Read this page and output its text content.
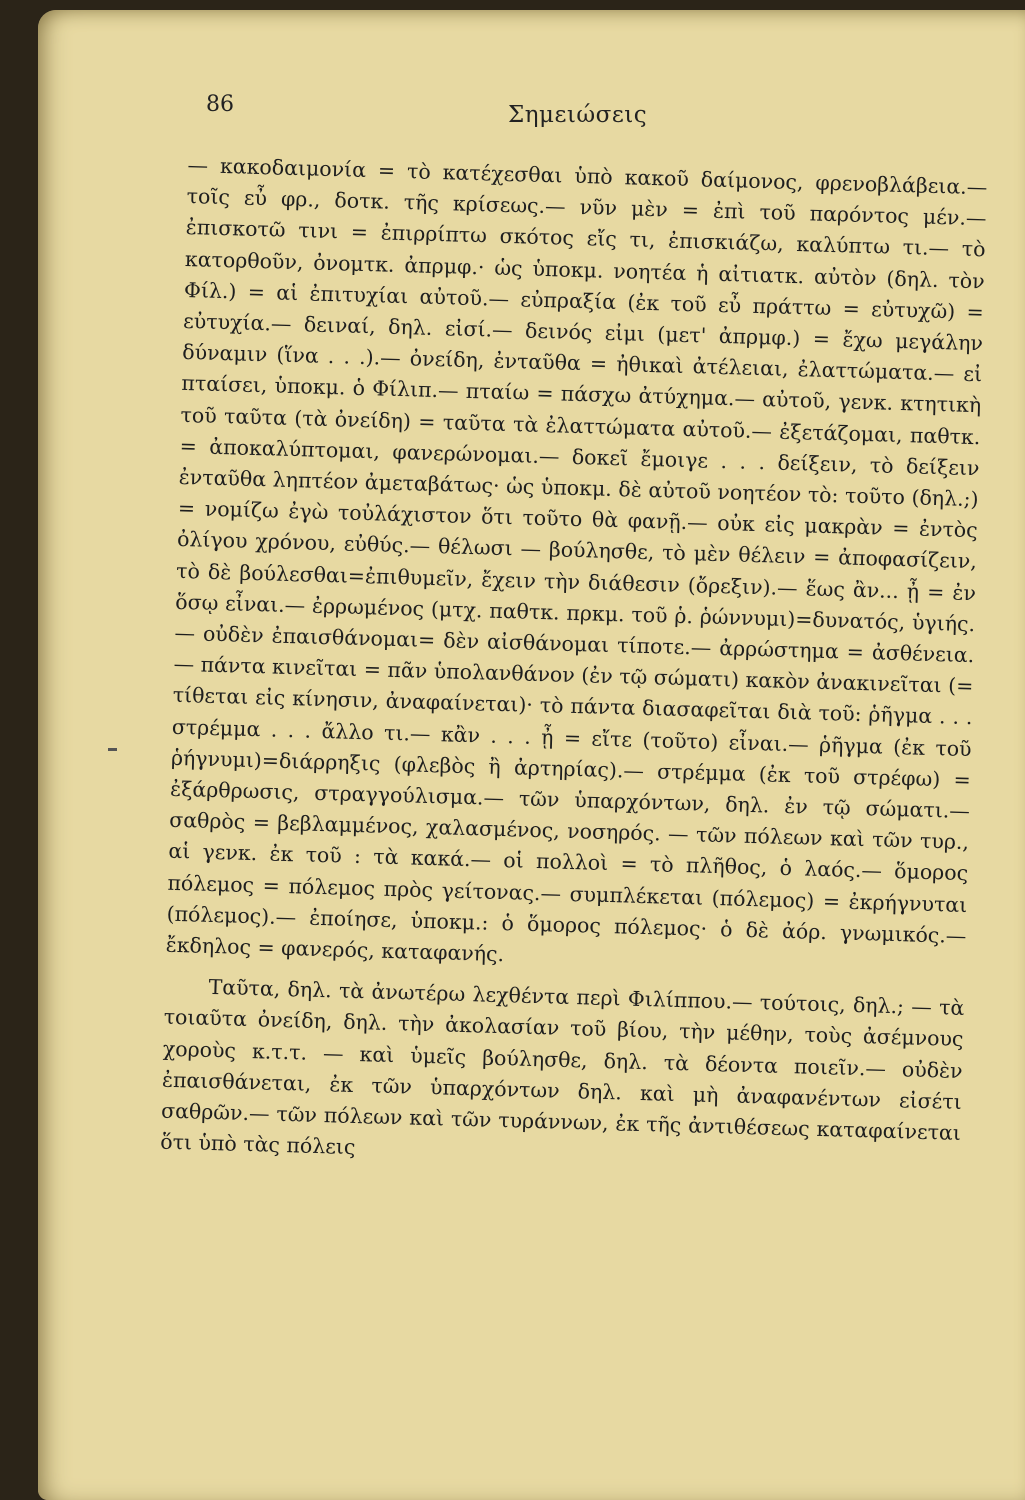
86	Σημειώσεις

— κακοδαιμονία = τὸ κατέχεσθαι ὑπὸ κακοῦ δαίμονος, φρενοβλάβεια.— τοῖς εὖ φρ., δοτκ. τῆς κρίσεως.— νῦν μὲν = ἐπὶ τοῦ παρόντος μέν.— ἐπισκοτῶ τινι = ἐπιρρίπτω σκότος εἴς τι, ἐπισκιάζω, καλύπτω τι.— τὸ κατορθοῦν, ὀνομτκ. ἀπρμφ.· ὡς ὑποκμ. νοητέα ἡ αἰτιατκ. αὐτὸν (δηλ. τὸν Φίλ.) = αἱ ἐπιτυχίαι αὐτοῦ.— εὐπραξία (ἐκ τοῦ εὖ πράττω = εὐτυχῶ) = εὐτυχία.— δειναί, δηλ. εἰσί.— δεινός εἰμι (μετ' ἀπρμφ.) = ἔχω μεγάλην δύναμιν (ἵνα . . .).— ὀνείδη, ἐνταῦθα = ἠθικαὶ ἀτέλειαι, ἐλαττώματα.— εἰ πταίσει, ὑποκμ. ὁ Φίλιπ.— πταίω = πάσχω ἀτύχημα.— αὐτοῦ, γενκ. κτητικὴ τοῦ ταῦτα (τὰ ὀνείδη) = ταῦτα τὰ ἐλαττώματα αὐτοῦ.— ἐξετάζομαι, παθτκ. = ἀποκαλύπτομαι, φανερώνομαι.— δοκεῖ ἔμοιγε . . . δείξειν, τὸ δείξειν ἐνταῦθα ληπτέον ἀμεταβάτως· ὡς ὑποκμ. δὲ αὐτοῦ νοητέον τὸ: τοῦτο (δηλ.;) = νομίζω ἐγὼ τοὐλάχιστον ὅτι τοῦτο θὰ φανῇ.— οὐκ εἰς μακρὰν = ἐντὸς ὀλίγου χρόνου, εὐθύς.— θέλωσι — βούλησθε, τὸ μὲν θέλειν = ἀποφασίζειν, τὸ δὲ βούλεσθαι=ἐπιθυμεῖν, ἔχειν τὴν διάθεσιν (ὄρεξιν).— ἕως ἂν... ᾖ = ἐν ὅσῳ εἶναι.— ἐρρωμένος (μτχ. παθτκ. πρκμ. τοῦ ῥ. ῥώννυμι)=δυνατός, ὑγιής.— οὐδὲν ἐπαισθάνομαι= δὲν αἰσθάνομαι τίποτε.— ἀρρώστημα = ἀσθένεια.— πάντα κινεῖται = πᾶν ὑπολανθάνον (ἐν τῷ σώματι) κακὸν ἀνακινεῖται (= τίθεται εἰς κίνησιν, ἀναφαίνεται)· τὸ πάντα διασαφεῖται διὰ τοῦ: ῥῆγμα . . . στρέμμα . . . ἄλλο τι.— κἂν . . . ᾖ = εἴτε (τοῦτο) εἶναι.— ῥῆγμα (ἐκ τοῦ ῥήγνυμι)=διάρρηξις (φλεβὸς ἢ ἀρτηρίας).— στρέμμα (ἐκ τοῦ στρέφω) = ἐξάρθρωσις, στραγγούλισμα.— τῶν ὑπαρχόντων, δηλ. ἐν τῷ σώματι.— σαθρὸς = βεβλαμμένος, χαλασμένος, νοσηρός. — τῶν πόλεων καὶ τῶν τυρ., αἱ γενκ. ἐκ τοῦ : τὰ κακά.— οἱ πολλοὶ = τὸ πλῆθος, ὁ λαός.— ὅμορος πόλεμος = πόλεμος πρὸς γείτονας.— συμπλέκεται (πόλεμος) = ἐκρήγνυται (πόλεμος).— ἐποίησε, ὑποκμ.: ὁ ὅμορος πόλεμος· ὁ δὲ ἀόρ. γνωμικός.— ἔκδηλος = φανερός, καταφανής.

Ταῦτα, δηλ. τὰ ἀνωτέρω λεχθέντα περὶ Φιλίππου.— τούτοις, δηλ.; — τὰ τοιαῦτα ὀνείδη, δηλ. τὴν ἀκολασίαν τοῦ βίου, τὴν μέθην, τοὺς ἀσέμνους χοροὺς κ.τ.τ. — καὶ ὑμεῖς βούλησθε, δηλ. τὰ δέοντα ποιεῖν.— οὐδὲν ἐπαισθάνεται, ἐκ τῶν ὑπαρχόντων δηλ. καὶ μὴ ἀναφανέντων εἰσέτι σαθρῶν.— τῶν πόλεων καὶ τῶν τυράννων, ἐκ τῆς ἀντιθέσεως καταφαίνεται ὅτι ὑπὸ τὰς πόλεις
